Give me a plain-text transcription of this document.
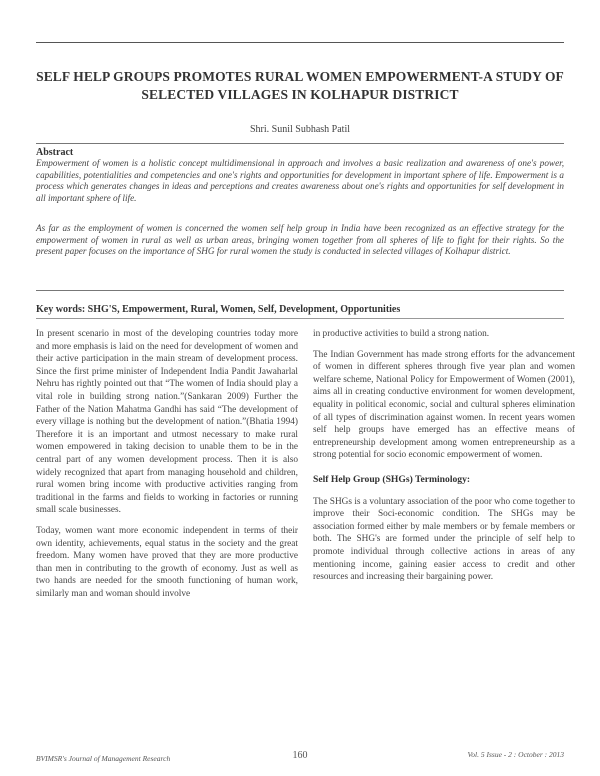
SELF HELP GROUPS PROMOTES RURAL WOMEN EMPOWERMENT-A STUDY OF SELECTED VILLAGES IN KOLHAPUR DISTRICT
Shri. Sunil Subhash Patil
Abstract

Empowerment of women is a holistic concept multidimensional in approach and involves a basic realization and awareness of one's power, capabilities, potentialities and competencies and one's rights and opportunities for development in important sphere of life. Empowerment is a process which generates changes in ideas and perceptions and creates awareness about one's rights and opportunities for self development in all important sphere of life.

As far as the employment of women is concerned the women self help group in India have been recognized as an effective strategy for the empowerment of women in rural as well as urban areas, bringing women together from all spheres of life to fight for their rights. So the present paper focuses on the importance of SHG for rural women the study is conducted in selected villages of Kolhapur district.

Key words: SHG'S, Empowerment, Rural, Women, Self, Development, Opportunities

In present scenario in most of the developing countries today more and more emphasis is laid on the need for development of women and their active participation in the main stream of development process. Since the first prime minister of Independent India Pandit Jawaharlal Nehru has rightly pointed out that “The women of India should play a vital role in building strong nation.”(Sankaran 2009) Further the Father of the Nation Mahatma Gandhi has said “The development of every village is nothing but the development of nation.”(Bhatia 1994) Therefore it is an important and utmost necessary to make rural women empowered in taking decision to unable them to be in the central part of any women development process. Then it is also widely recognized that apart from managing household and children, rural women bring income with productive activities ranging from traditional in the farms and fields to working in factories or running small scale businesses.

Today, women want more economic independent in terms of their own identity, achievements, equal status in the society and the great freedom. Many women have proved that they are more productive than men in contributing to the growth of economy. Just as well as two hands are needed for the smooth functioning of human work, similarly man and woman should involve

in productive activities to build a strong nation.

The Indian Government has made strong efforts for the advancement of women in different spheres through five year plan and women welfare scheme, National Policy for Empowerment of Women (2001), aims all in creating conductive environment for women development, equality in political economic, social and cultural spheres elimination of all types of discrimination against women. In recent years women self help groups have emerged has an effective means of entrepreneurship development among women entrepreneurship as a strong potential for socio economic empowerment of women.

Self Help Group (SHGs) Terminology:

The SHGs is a voluntary association of the poor who come together to improve their Soci-economic condition. The SHGs may be association formed either by male members or by female members or both. The SHG's are formed under the principle of self help to promote individual through collective actions in areas of any mentioning income, gaining easier access to credit and other resources and increasing their bargaining power.

BVIMSR's Journal of Management Research	160	Vol. 5 Issue - 2 : October : 2013
